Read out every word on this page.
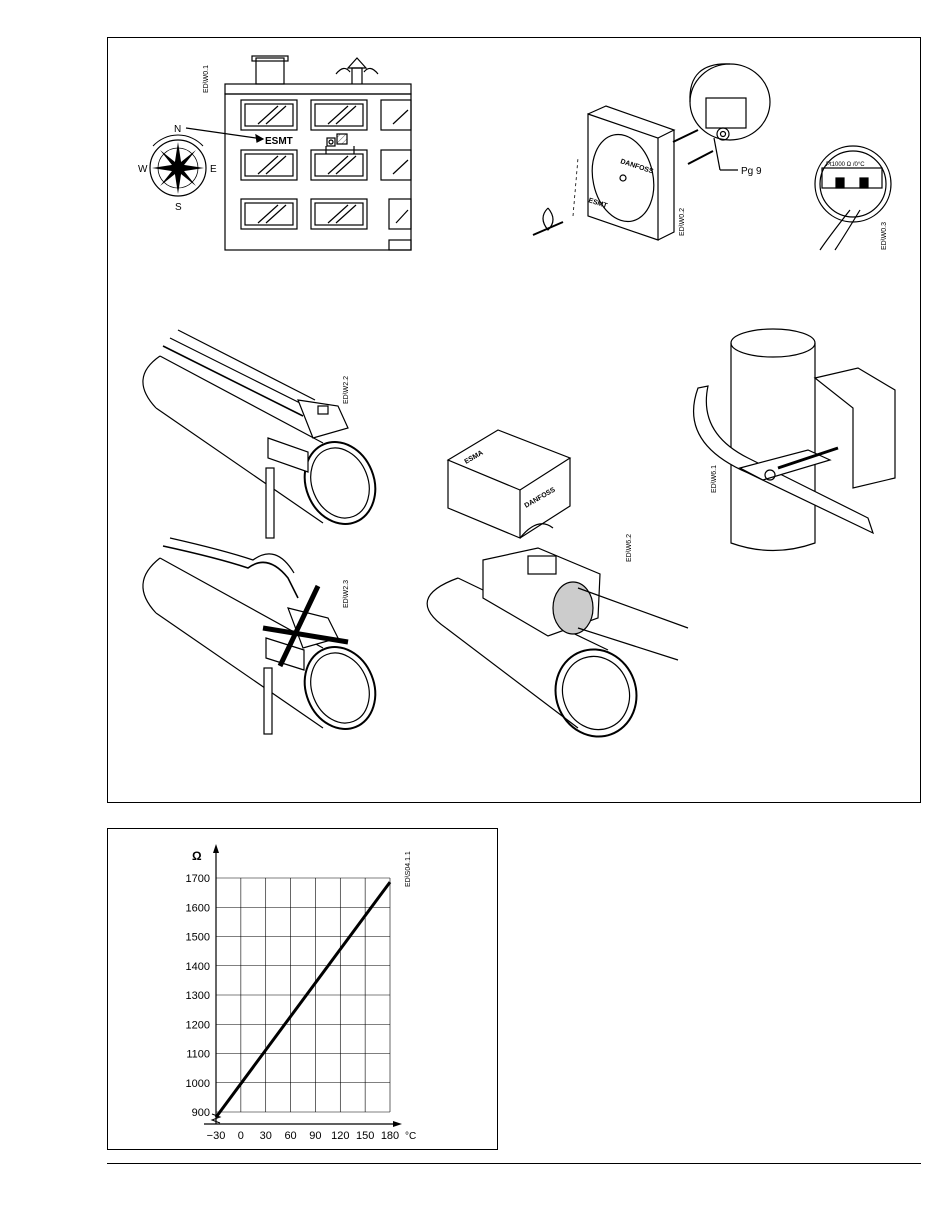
ESMT
ED\W0.1
N
S
E
W	Pg 9
DANFOSS
ESMT
ED\W0.2
Pt1000 Ω /0°C
ED\W0.3
ED\W2.2
ED\W2.3
ESMA
DANFOSS
ED\W6.2
ED\W6.1
900
1000
1100
1200
1300
1400
1500
1600
1700
−30 0 30 60 90 120 150 180
Ω
°C
ED\S04.1.1
